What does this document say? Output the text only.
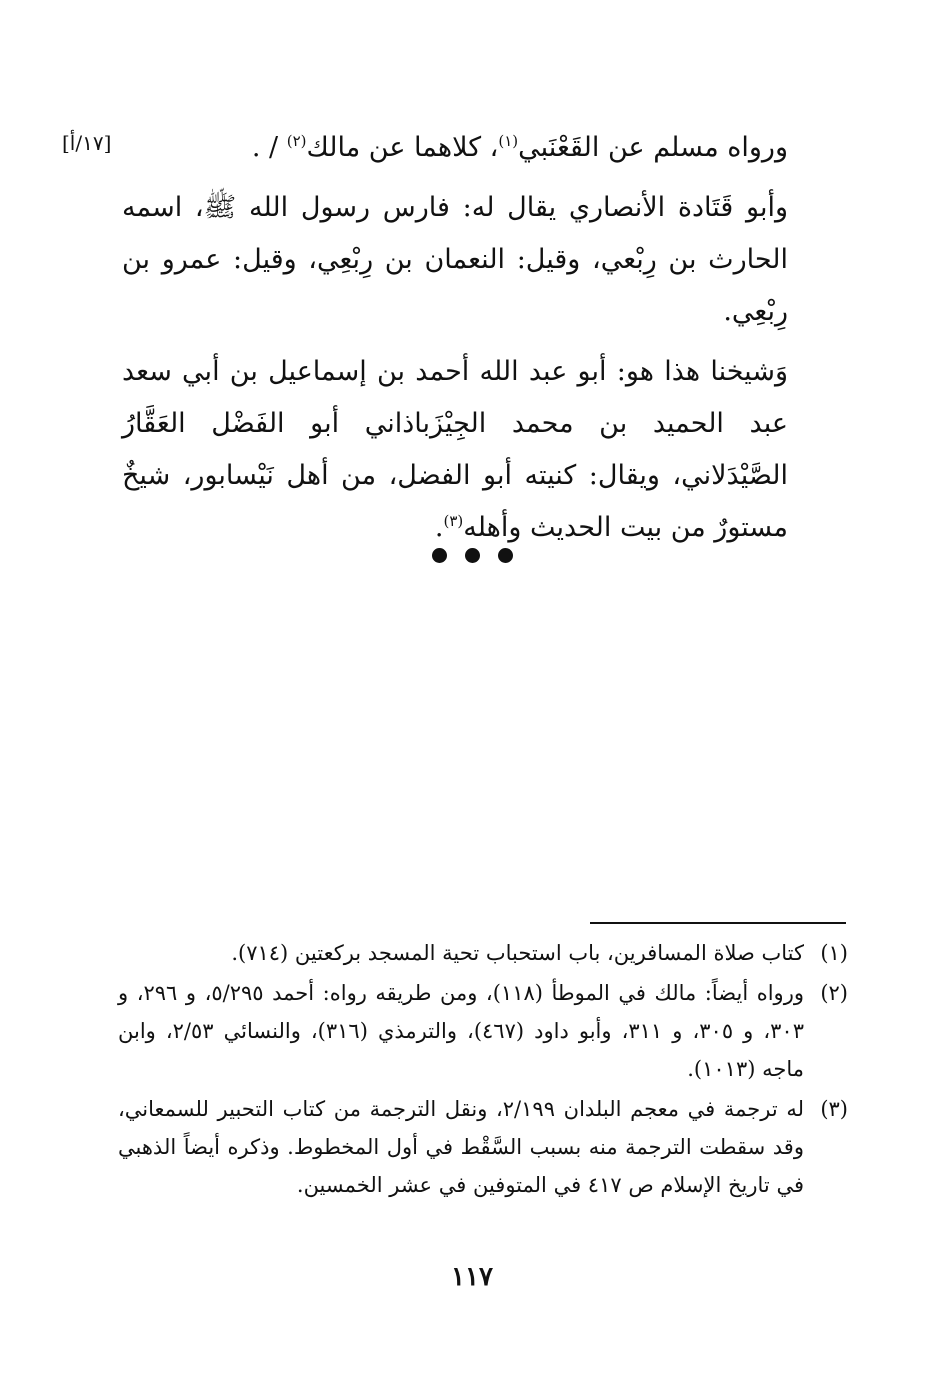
[١٧/أ]	ورواه مسلم عن القَعْنَبي$^{(١)}$، كلاهما عن مالك$^{(٢)}$ / .

وأبو قَتَادة الأنصاري يقال له: فارس رسول الله ﷺ، اسمه الحارث بن رِبْعي، وقيل: النعمان بن رِبْعِي، وقيل: عمرو بن رِبْعِي.

وَشيخنا هذا هو: أبو عبد الله أحمد بن إسماعيل بن أبي سعد عبد الحميد بن محمد الجِيْزَباذاني أبو الفَضْل العَقَّارُ الصَّيْدَلاني، ويقال: كنيته أبو الفضل، من أهل نَيْسابور، شيخٌ مستورٌ من بيت الحديث وأهله$^{(٣)}$.

(١)
كتاب صلاة المسافرين، باب استحباب تحية المسجد بركعتين (٧١٤).
(٢)
ورواه أيضاً: مالك في الموطأ (١١٨)، ومن طريقه رواه: أحمد ٥/٢٩٥، و ٢٩٦، و ٣٠٣، و ٣٠٥، و ٣١١، وأبو داود (٤٦٧)، والترمذي (٣١٦)، والنسائي ٢/٥٣، وابن ماجه (١٠١٣).
(٣)
له ترجمة في معجم البلدان ٢/١٩٩، ونقل الترجمة من كتاب التحبير للسمعاني، وقد سقطت الترجمة منه بسبب السَّقْط في أول المخطوط. وذكره أيضاً الذهبي في تاريخ الإسلام ص ٤١٧ في المتوفين في عشر الخمسين.
١١٧
